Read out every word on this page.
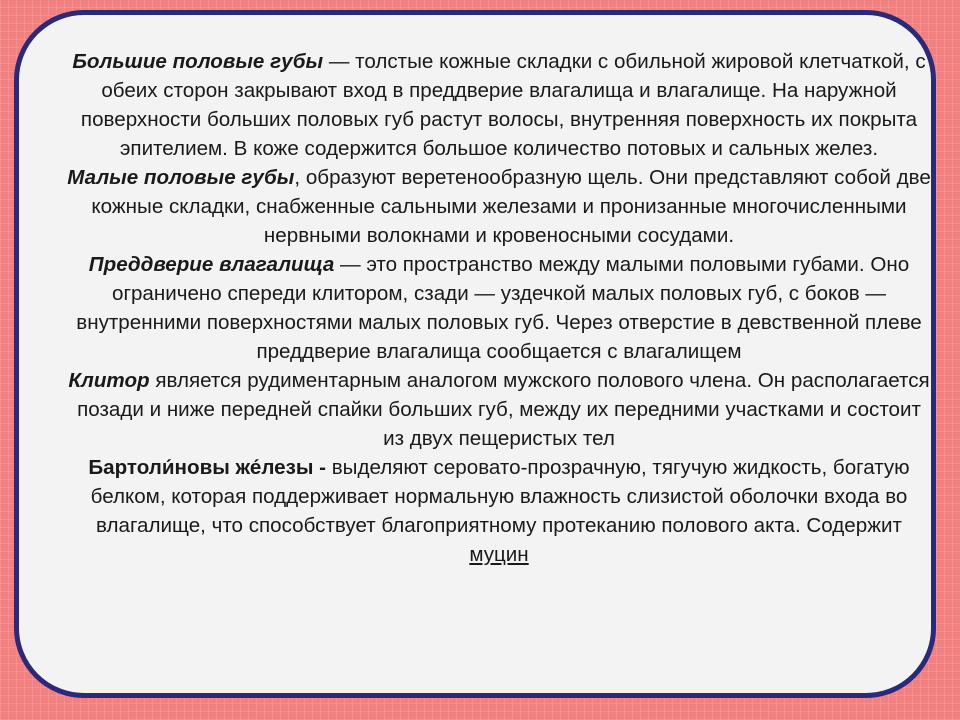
Большие половые губы — толстые кожные складки с обильной жировой клетчаткой, с обеих сторон закрывают вход в преддверие влагалища и влагалище. На наружной поверхности больших половых губ растут волосы, внутренняя поверхность их покрыта эпителием. В коже содержится большое количество потовых и сальных желез.

Малые половые губы, образуют веретенообразную щель. Они представляют собой две кожные складки, снабженные сальными железами и пронизанные многочисленными нервными волокнами и кровеносными сосудами.

Преддверие влагалища — это пространство между малыми половыми губами. Оно ограничено спереди клитором, сзади — уздечкой малых половых губ, с боков — внутренними поверхностями малых половых губ. Через отверстие в девственной плеве преддверие влагалища сообщается с влагалищем

Клитор является рудиментарным аналогом мужского полового члена. Он располагается позади и ниже передней спайки больших губ, между их передними участками и состоит из двух пещеристых тел

Бартоли́новы же́лезы - выделяют серовато-прозрачную, тягучую жидкость, богатую белком, которая поддерживает нормальную влажность слизистой оболочки входа во влагалище, что способствует благоприятному протеканию полового акта. Содержит муцин
